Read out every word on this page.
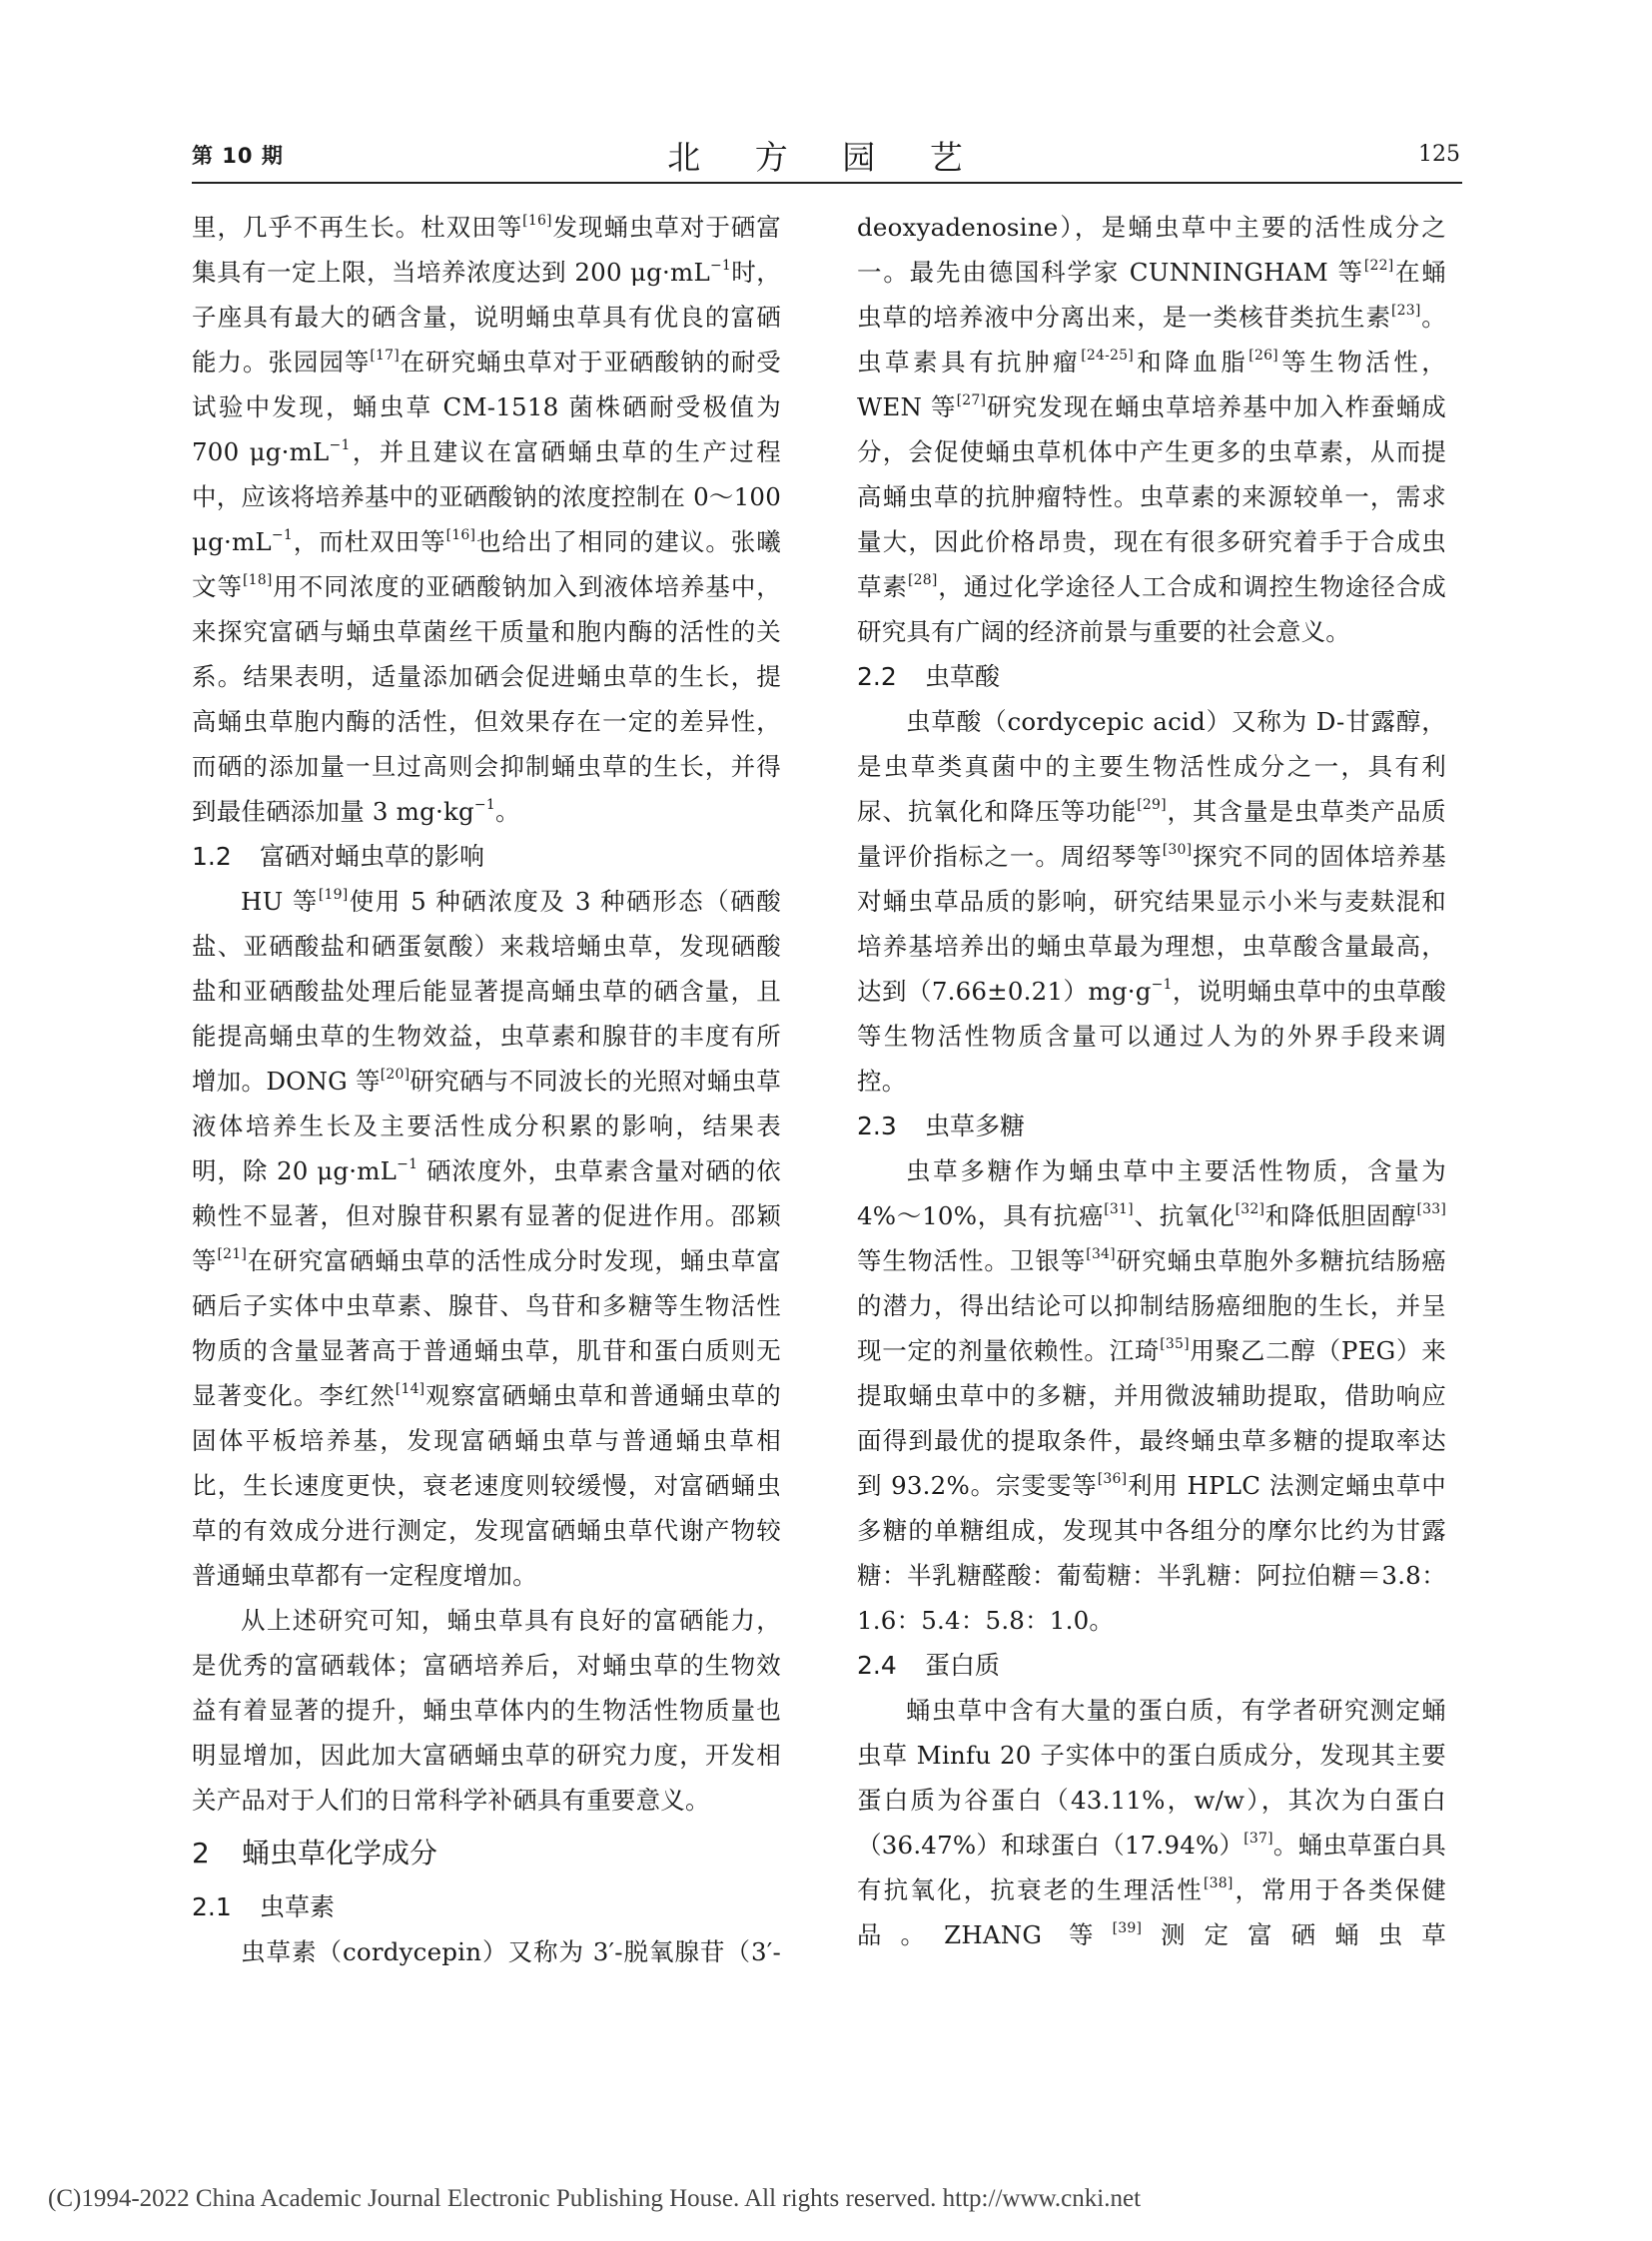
第 10 期	北 方 园 艺	125

里，几乎不再生长。杜双田等[16]发现蛹虫草对于硒富集具有一定上限，当培养浓度达到 200 $\mu g\cdot mL^{-1}$时，子座具有最大的硒含量，说明蛹虫草具有优良的富硒能力。张园园等[17]在研究蛹虫草对于亚硒酸钠的耐受试验中发现，蛹虫草 CM-1518 菌株硒耐受极值为 700 $\mu g\cdot mL^{-1}$，并且建议在富硒蛹虫草的生产过程中，应该将培养基中的亚硒酸钠的浓度控制在 0～100 $\mu g\cdot mL^{-1}$，而杜双田等[16]也给出了相同的建议。张曦文等[18]用不同浓度的亚硒酸钠加入到液体培养基中，来探究富硒与蛹虫草菌丝干质量和胞内酶的活性的关系。结果表明，适量添加硒会促进蛹虫草的生长，提高蛹虫草胞内酶的活性，但效果存在一定的差异性，而硒的添加量一旦过高则会抑制蛹虫草的生长，并得到最佳硒添加量 3 $mg\cdot kg^{-1}$。

1.2 富硒对蛹虫草的影响

HU 等[19]使用 5 种硒浓度及 3 种硒形态（硒酸盐、亚硒酸盐和硒蛋氨酸）来栽培蛹虫草，发现硒酸盐和亚硒酸盐处理后能显著提高蛹虫草的硒含量，且能提高蛹虫草的生物效益，虫草素和腺苷的丰度有所增加。DONG 等[20]研究硒与不同波长的光照对蛹虫草液体培养生长及主要活性成分积累的影响，结果表明，除 20 $\mu g\cdot mL^{-1}$ 硒浓度外，虫草素含量对硒的依赖性不显著，但对腺苷积累有显著的促进作用。邵颖等[21]在研究富硒蛹虫草的活性成分时发现，蛹虫草富硒后子实体中虫草素、腺苷、鸟苷和多糖等生物活性物质的含量显著高于普通蛹虫草，肌苷和蛋白质则无显著变化。李红然[14]观察富硒蛹虫草和普通蛹虫草的固体平板培养基，发现富硒蛹虫草与普通蛹虫草相比，生长速度更快，衰老速度则较缓慢，对富硒蛹虫草的有效成分进行测定，发现富硒蛹虫草代谢产物较普通蛹虫草都有一定程度增加。

从上述研究可知，蛹虫草具有良好的富硒能力，是优秀的富硒载体；富硒培养后，对蛹虫草的生物效益有着显著的提升，蛹虫草体内的生物活性物质量也明显增加，因此加大富硒蛹虫草的研究力度，开发相关产品对于人们的日常科学补硒具有重要意义。

2 蛹虫草化学成分
2.1 虫草素

虫草素（cordycepin）又称为 3′-脱氧腺苷（3′-

deoxyadenosine），是蛹虫草中主要的活性成分之一。最先由德国科学家 CUNNINGHAM 等[22]在蛹虫草的培养液中分离出来，是一类核苷类抗生素[23]。虫草素具有抗肿瘤[24-25]和降血脂[26]等生物活性，WEN 等[27]研究发现在蛹虫草培养基中加入柞蚕蛹成分，会促使蛹虫草机体中产生更多的虫草素，从而提高蛹虫草的抗肿瘤特性。虫草素的来源较单一，需求量大，因此价格昂贵，现在有很多研究着手于合成虫草素[28]，通过化学途径人工合成和调控生物途径合成研究具有广阔的经济前景与重要的社会意义。

2.2 虫草酸

虫草酸（cordycepic acid）又称为 D-甘露醇，是虫草类真菌中的主要生物活性成分之一，具有利尿、抗氧化和降压等功能[29]，其含量是虫草类产品质量评价指标之一。周绍琴等[30]探究不同的固体培养基对蛹虫草品质的影响，研究结果显示小米与麦麸混和培养基培养出的蛹虫草最为理想，虫草酸含量最高，达到$(7.66\pm 0.21)mg\cdot g^{-1}$，说明蛹虫草中的虫草酸等生物活性物质含量可以通过人为的外界手段来调控。

2.3 虫草多糖

虫草多糖作为蛹虫草中主要活性物质，含量为 4%～10%，具有抗癌[31]、抗氧化[32]和降低胆固醇[33]等生物活性。卫银等[34]研究蛹虫草胞外多糖抗结肠癌的潜力，得出结论可以抑制结肠癌细胞的生长，并呈现一定的剂量依赖性。江琦[35]用聚乙二醇（PEG）来提取蛹虫草中的多糖，并用微波辅助提取，借助响应面得到最优的提取条件，最终蛹虫草多糖的提取率达到 93.2%。宗雯雯等[36]利用 HPLC 法测定蛹虫草中多糖的单糖组成，发现其中各组分的摩尔比约为甘露糖：半乳糖醛酸：葡萄糖：半乳糖：阿拉伯糖＝3.8：1.6：5.4：5.8：1.0。

2.4 蛋白质

蛹虫草中含有大量的蛋白质，有学者研究测定蛹虫草 Minfu 20 子实体中的蛋白质成分，发现其主要蛋白质为谷蛋白（43.11%，w/w），其次为白蛋白（36.47%）和球蛋白（17.94%）[37]。蛹虫草蛋白具有抗氧化，抗衰老的生理活性[38]，常用于各类保健品。ZHANG 等[39]测定富硒蛹虫草

(C)1994-2022 China Academic Journal Electronic Publishing House. All rights reserved. http://www.cnki.net
